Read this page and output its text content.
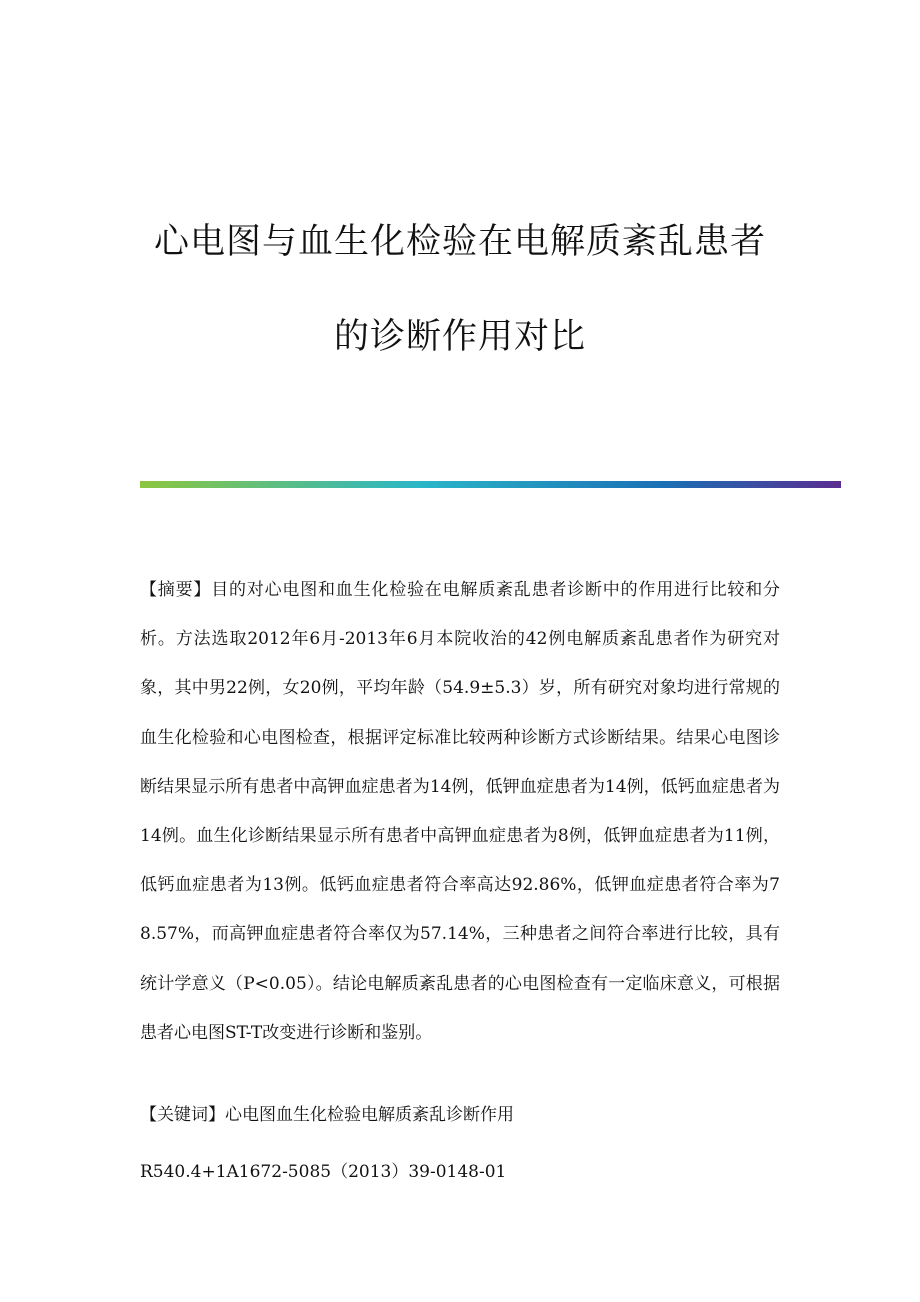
心电图与血生化检验在电解质紊乱患者
的诊断作用对比

【摘要】目的对心电图和血生化检验在电解质紊乱患者诊断中的作用进行比较和分析。方法选取2012年6月-2013年6月本院收治的42例电解质紊乱患者作为研究对象，其中男22例，女20例，平均年龄（54.9±5.3）岁，所有研究对象均进行常规的血生化检验和心电图检查，根据评定标准比较两种诊断方式诊断结果。结果心电图诊断结果显示所有患者中高钾血症患者为14例，低钾血症患者为14例，低钙血症患者为14例。血生化诊断结果显示所有患者中高钾血症患者为8例，低钾血症患者为11例，低钙血症患者为13例。低钙血症患者符合率高达92.86%，低钾血症患者符合率为78.57%，而高钾血症患者符合率仅为57.14%，三种患者之间符合率进行比较，具有统计学意义（P<0.05）。结论电解质紊乱患者的心电图检查有一定临床意义，可根据患者心电图ST-T改变进行诊断和鉴别。

【关键词】心电图血生化检验电解质紊乱诊断作用

R540.4+1A1672-5085（2013）39-0148-01
